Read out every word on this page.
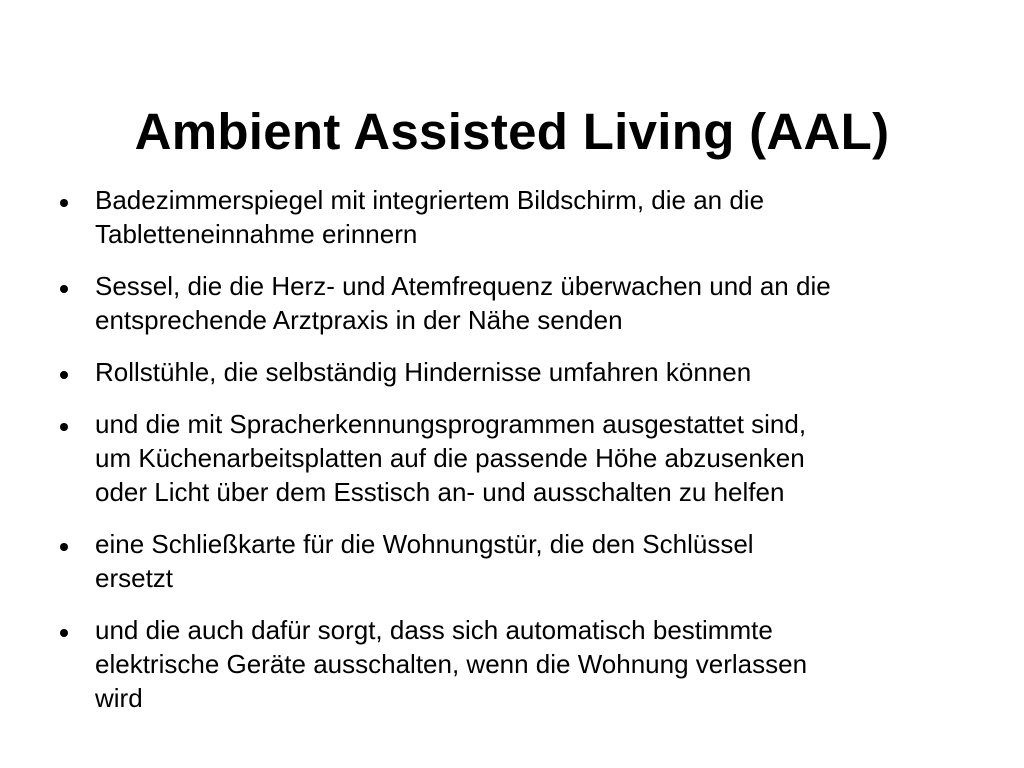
Ambient Assisted Living (AAL)
Badezimmerspiegel mit integriertem Bildschirm, die an die
Tabletteneinnahme erinnern
Sessel, die die Herz- und Atemfrequenz überwachen und an die
entsprechende Arztpraxis in der Nähe senden
Rollstühle, die selbständig Hindernisse umfahren können
und die mit Spracherkennungsprogrammen ausgestattet sind,
um Küchenarbeitsplatten auf die passende Höhe abzusenken
oder Licht über dem Esstisch an- und ausschalten zu helfen
eine Schließkarte für die Wohnungstür, die den Schlüssel
ersetzt
und die auch dafür sorgt, dass sich automatisch bestimmte
elektrische Geräte ausschalten, wenn die Wohnung verlassen
wird
